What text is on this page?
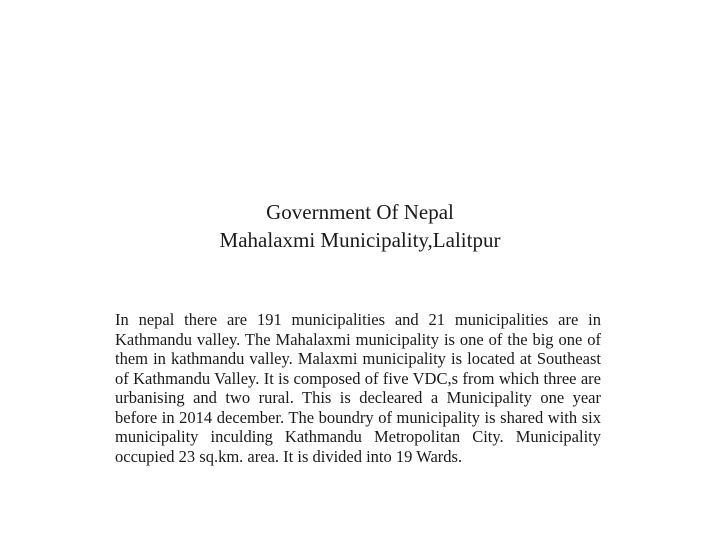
Government Of Nepal
Mahalaxmi Municipality,Lalitpur

In nepal there are 191 municipalities and 21 municipalities are in Kathmandu valley. The Mahalaxmi municipality is one of the big one of them in kathmandu valley. Malaxmi municipality is located at Southeast of Kathmandu Valley. It is composed of five VDC,s from which three are urbanising and two rural. This is decleared a Municipality one year before in 2014 december. The boundry of municipality is shared with six municipality inculding Kathmandu Metropolitan City. Municipality occupied 23 sq.km. area. It is divided into 19 Wards.
